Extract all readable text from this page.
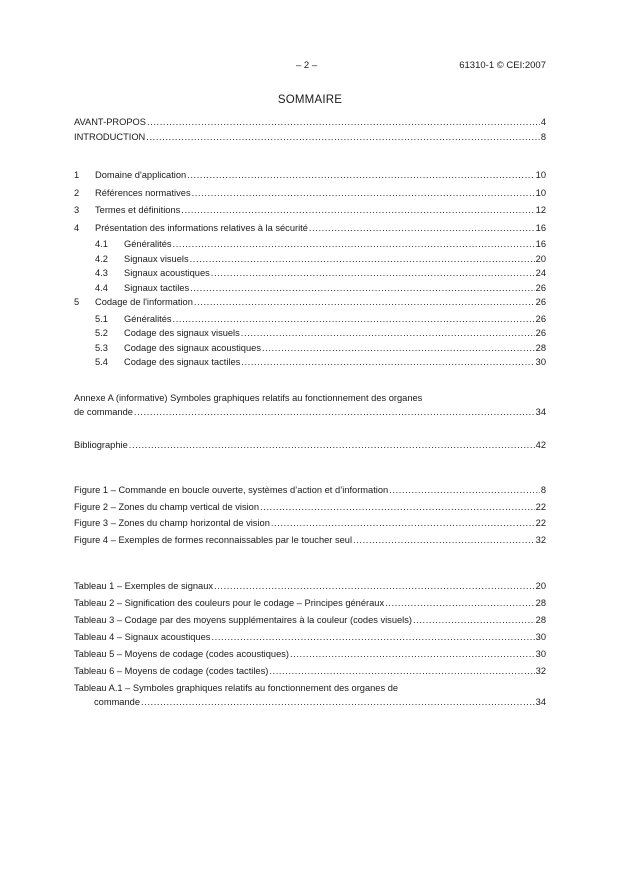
– 2 –	61310-1 © CEI:2007
SOMMAIRE
AVANT-PROPOS .....	4
INTRODUCTION .....	8
1	Domaine d'application .....	10
2	Références normatives .....	10
3	Termes et définitions .....	12
4	Présentation des informations relatives à la sécurité .....	16
4.1	Généralités .....	16
4.2	Signaux visuels .....	20
4.3	Signaux acoustiques .....	24
4.4	Signaux tactiles .....	26
5	Codage de l'information .....	26
5.1	Généralités .....	26
5.2	Codage des signaux visuels .....	26
5.3	Codage des signaux acoustiques .....	28
5.4	Codage des signaux tactiles .....	30
Annexe A (informative) Symboles graphiques relatifs au fonctionnement des organes
de commande .....	34
Bibliographie .....	42
Figure 1 – Commande en boucle ouverte, systèmes d’action et d’information .....	8
Figure 2 – Zones du champ vertical de vision .....	22
Figure 3 – Zones du champ horizontal de vision .....	22
Figure 4 – Exemples de formes reconnaissables par le toucher seul .....	32
Tableau 1 – Exemples de signaux .....	20
Tableau 2 – Signification des couleurs pour le codage – Principes généraux .....	28
Tableau 3 – Codage par des moyens supplémentaires à la couleur (codes visuels) .....	28
Tableau 4 – Signaux acoustiques .....	30
Tableau 5 – Moyens de codage (codes acoustiques) .....	30
Tableau 6 – Moyens de codage (codes tactiles) .....	32
Tableau A.1 – Symboles graphiques relatifs au fonctionnement des organes de
commande .....	34
